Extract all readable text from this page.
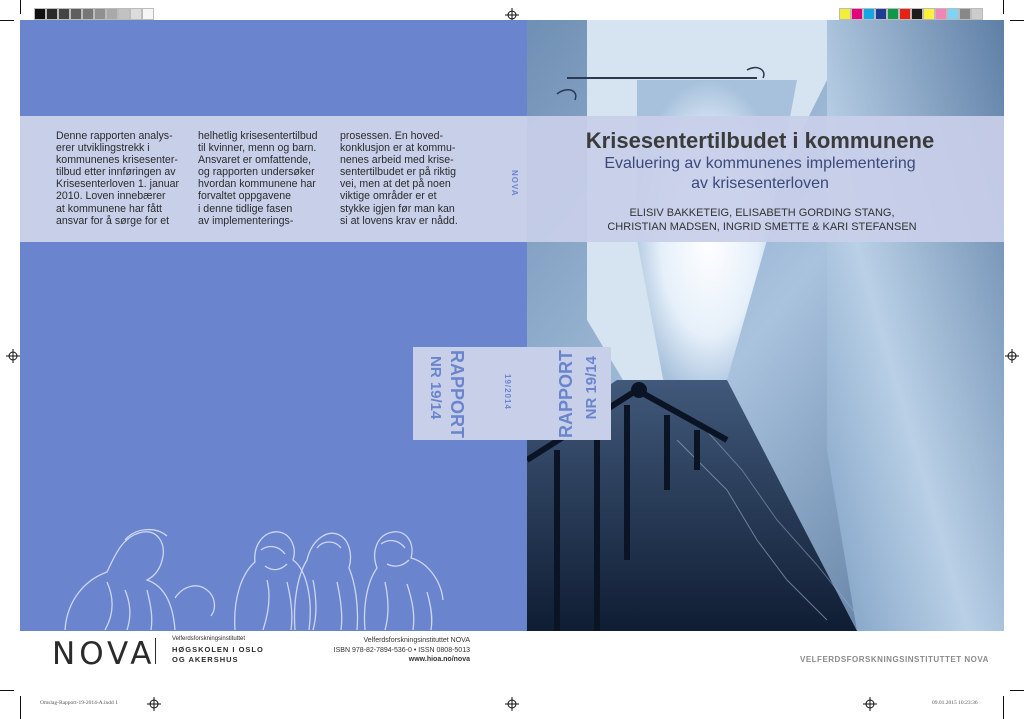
Denne rapporten analys-
erer utviklingstrekk i
kommunenes krisesenter-
tilbud etter innføringen av
Krisesenterloven 1. januar
2010. Loven innebærer
at kommunene har fått
ansvar for å sørge for et
helhetlig krisesentertilbud
til kvinner, menn og barn.
Ansvaret er omfattende,
og rapporten undersøker
hvordan kommunene har
forvaltet oppgavene
i denne tidlige fasen
av implementerings-
prosessen. En hoved-
konklusjon er at kommu-
nenes arbeid med krise-
sentertilbudet er på riktig
vei, men at det på noen
viktige områder er et
stykke igjen før man kan
si at lovens krav er nådd.
NOVA
Krisesentertilbudet i kommunene
Evaluering av kommunenes implementering
av krisesenterloven
ELISIV BAKKETEIG, ELISABETH GORDING STANG,
CHRISTIAN MADSEN, INGRID SMETTE & KARI STEFANSEN
RAPPORT
NR 19/14	19/2014 RAPPORT NR 19/14
NOVA	Velferdsforskningsinstituttet
HØGSKOLEN I OSLO
OG AKERSHUS
Velferdsforskningsinstituttet NOVA
ISBN 978-82-7894-536-0 • ISSN 0808-5013
www.hioa.no/nova	VELFERDSFORSKNINGSINSTITUTTET NOVA
Omslag-Rapport-19-2014-A.indd 1	09.01.2015 10:23:36
